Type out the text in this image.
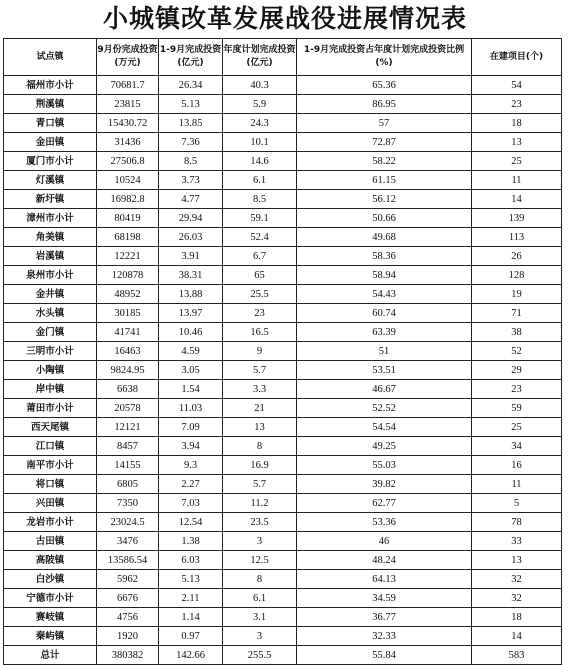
小城镇改革发展战役进展情况表
试点镇	9月份完成投资(万元)	1-9月完成投资(亿元)	年度计划完成投资(亿元)	1-9月完成投资占年度计划完成投资比例(%)	在建项目(个)
福州市小计	70681.7	26.34	40.3	65.36	54
荆溪镇	23815	5.13	5.9	86.95	23
青口镇	15430.72	13.85	24.3	57	18
金田镇	31436	7.36	10.1	72.87	13
厦门市小计	27506.8	8.5	14.6	58.22	25
灯溪镇	10524	3.73	6.1	61.15	11
新圩镇	16982.8	4.77	8.5	56.12	14
漳州市小计	80419	29.94	59.1	50.66	139
角美镇	68198	26.03	52.4	49.68	113
岩溪镇	12221	3.91	6.7	58.36	26
泉州市小计	120878	38.31	65	58.94	128
金井镇	48952	13.88	25.5	54.43	19
水头镇	30185	13.97	23	60.74	71
金门镇	41741	10.46	16.5	63.39	38
三明市小计	16463	4.59	9	51	52
小陶镇	9824.95	3.05	5.7	53.51	29
岸中镇	6638	1.54	3.3	46.67	23
莆田市小计	20578	11.03	21	52.52	59
西天尾镇	12121	7.09	13	54.54	25
江口镇	8457	3.94	8	49.25	34
南平市小计	14155	9.3	16.9	55.03	16
将口镇	6805	2.27	5.7	39.82	11
兴田镇	7350	7.03	11.2	62.77	5
龙岩市小计	23024.5	12.54	23.5	53.36	78
古田镇	3476	1.38	3	46	33
高陂镇	13586.54	6.03	12.5	48.24	13
白沙镇	5962	5.13	8	64.13	32
宁德市小计	6676	2.11	6.1	34.59	32
赛岐镇	4756	1.14	3.1	36.77	18
秦屿镇	1920	0.97	3	32.33	14
总计	380382	142.66	255.5	55.84	583
